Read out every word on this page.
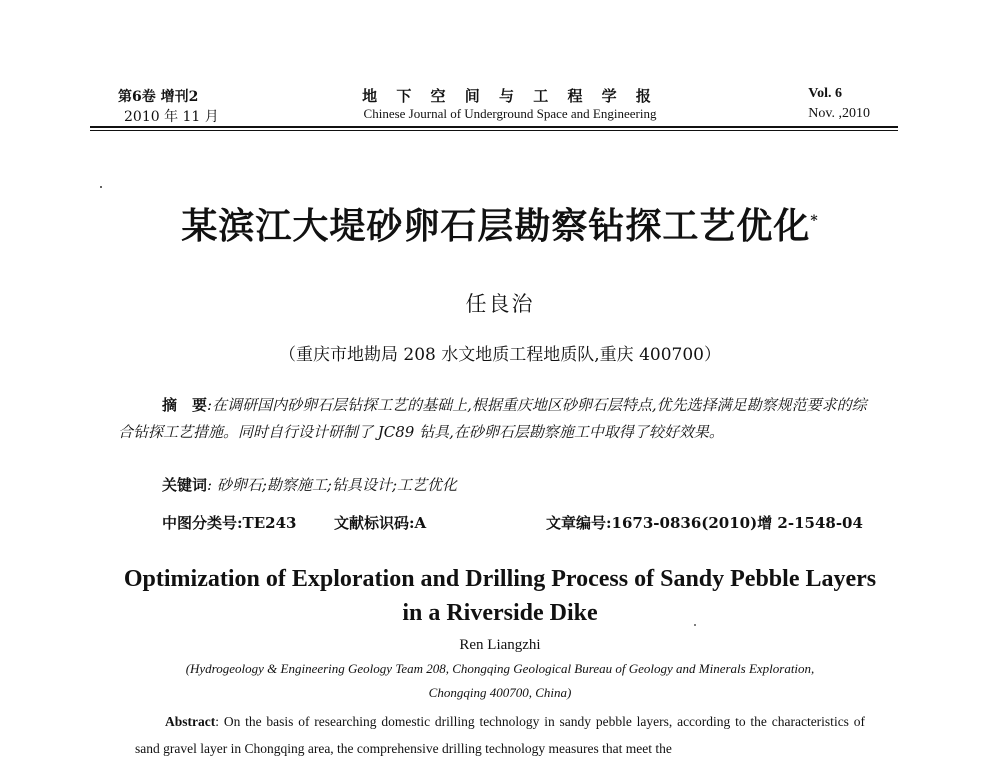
第6卷 增刊2
2010 年 11 月
地 下 空 间 与 工 程 学 报
Chinese Journal of Underground Space and Engineering
Vol. 6
Nov. ,2010
某滨江大堤砂卵石层勘察钻探工艺优化*
任良治
（重庆市地勘局 208 水文地质工程地质队,重庆 400700）
摘　要:在调研国内砂卵石层钻探工艺的基础上,根据重庆地区砂卵石层特点,优先选择满足勘察规范要求的综合钻探工艺措施。同时自行设计研制了 JC89 钻具,在砂卵石层勘察施工中取得了较好效果。
关键词: 砂卵石;勘察施工;钻具设计;工艺优化
中图分类号:TE243	文献标识码:A	文章编号:1673-0836(2010)增 2-1548-04
Optimization of Exploration and Drilling Process of Sandy Pebble Layers
in a Riverside Dike
Ren Liangzhi
(Hydrogeology & Engineering Geology Team 208, Chongqing Geological Bureau of Geology and Minerals Exploration,
Chongqing 400700, China)
Abstract: On the basis of researching domestic drilling technology in sandy pebble layers, according to the characteristics of sand gravel layer in Chongqing area, the comprehensive drilling technology measures that meet the
